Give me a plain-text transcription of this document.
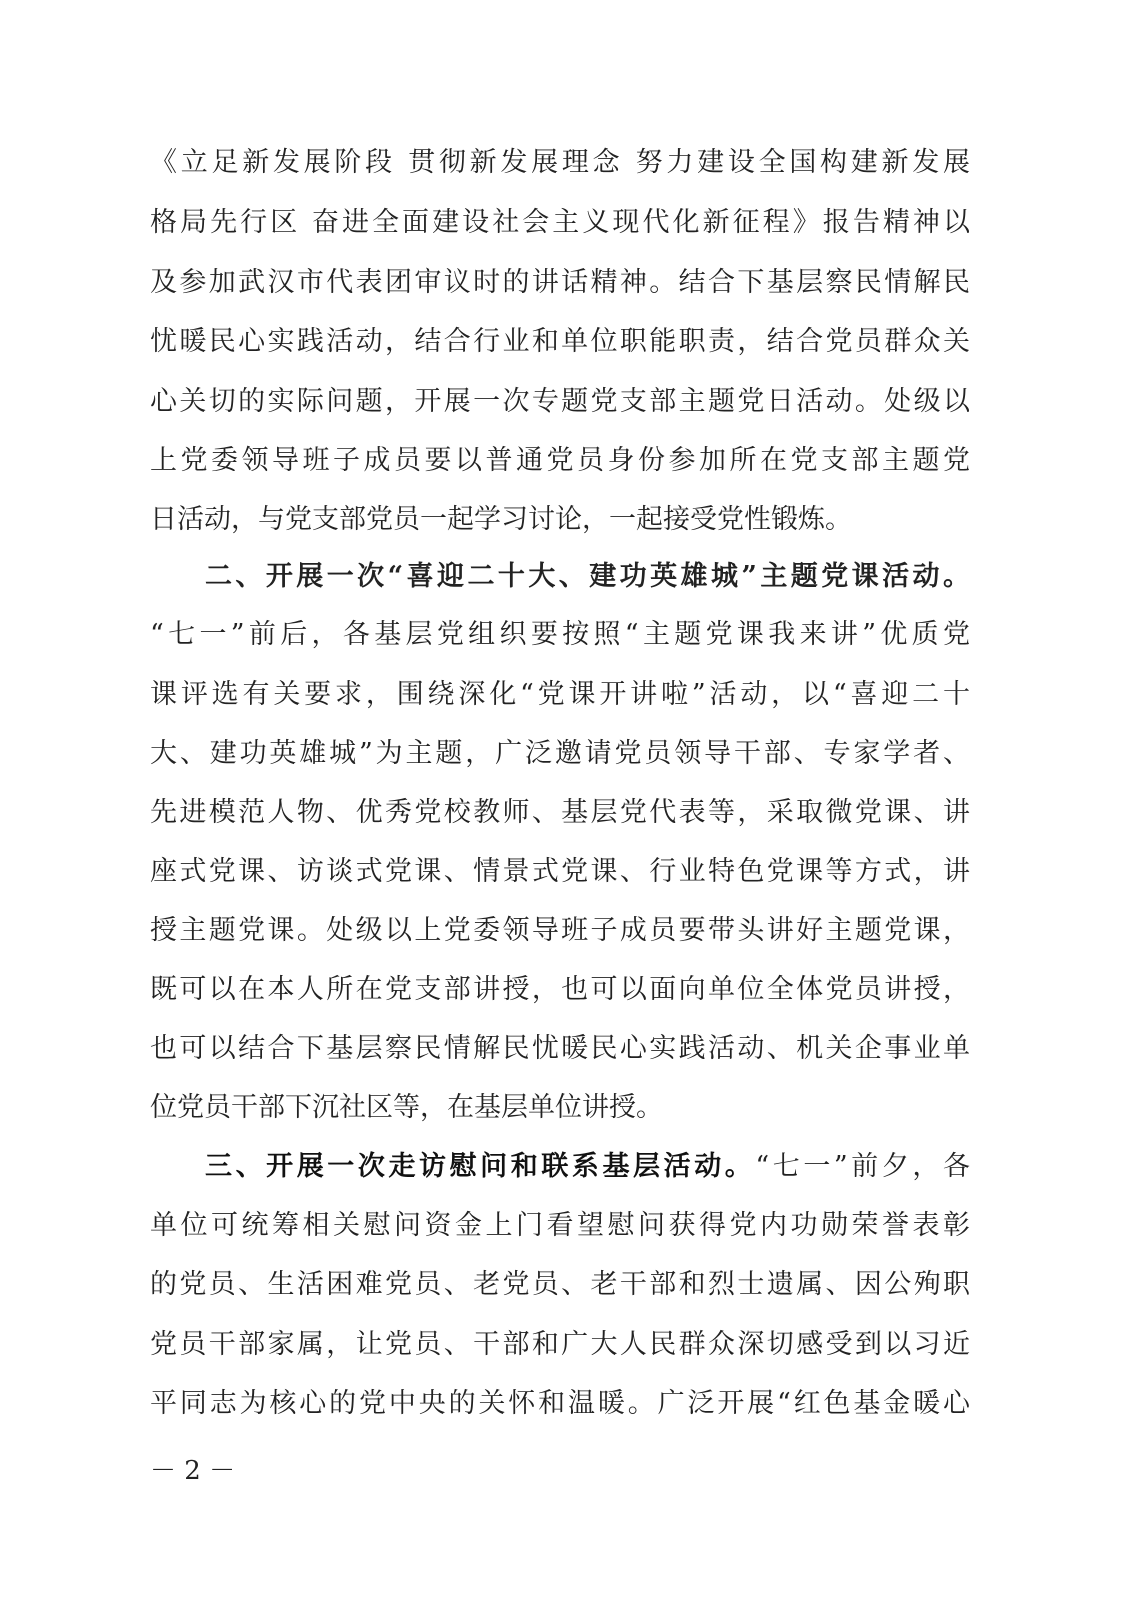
《立足新发展阶段 贯彻新发展理念 努力建设全国构建新发展
格局先行区 奋进全面建设社会主义现代化新征程》报告精神以
及参加武汉市代表团审议时的讲话精神。结合下基层察民情解民
忧暖民心实践活动，结合行业和单位职能职责，结合党员群众关
心关切的实际问题，开展一次专题党支部主题党日活动。处级以
上党委领导班子成员要以普通党员身份参加所在党支部主题党
日活动，与党支部党员一起学习讨论，一起接受党性锻炼。
二、开展一次“喜迎二十大、建功英雄城”主题党课活动。
“七一”前后，各基层党组织要按照“主题党课我来讲”优质党
课评选有关要求，围绕深化“党课开讲啦”活动，以“喜迎二十
大、建功英雄城”为主题，广泛邀请党员领导干部、专家学者、
先进模范人物、优秀党校教师、基层党代表等，采取微党课、讲
座式党课、访谈式党课、情景式党课、行业特色党课等方式，讲
授主题党课。处级以上党委领导班子成员要带头讲好主题党课，
既可以在本人所在党支部讲授，也可以面向单位全体党员讲授，
也可以结合下基层察民情解民忧暖民心实践活动、机关企事业单
位党员干部下沉社区等，在基层单位讲授。
三、开展一次走访慰问和联系基层活动。“七一”前夕，各
单位可统筹相关慰问资金上门看望慰问获得党内功勋荣誉表彰
的党员、生活困难党员、老党员、老干部和烈士遗属、因公殉职
党员干部家属，让党员、干部和广大人民群众深切感受到以习近
平同志为核心的党中央的关怀和温暖。广泛开展“红色基金暖心
－ 2 －
